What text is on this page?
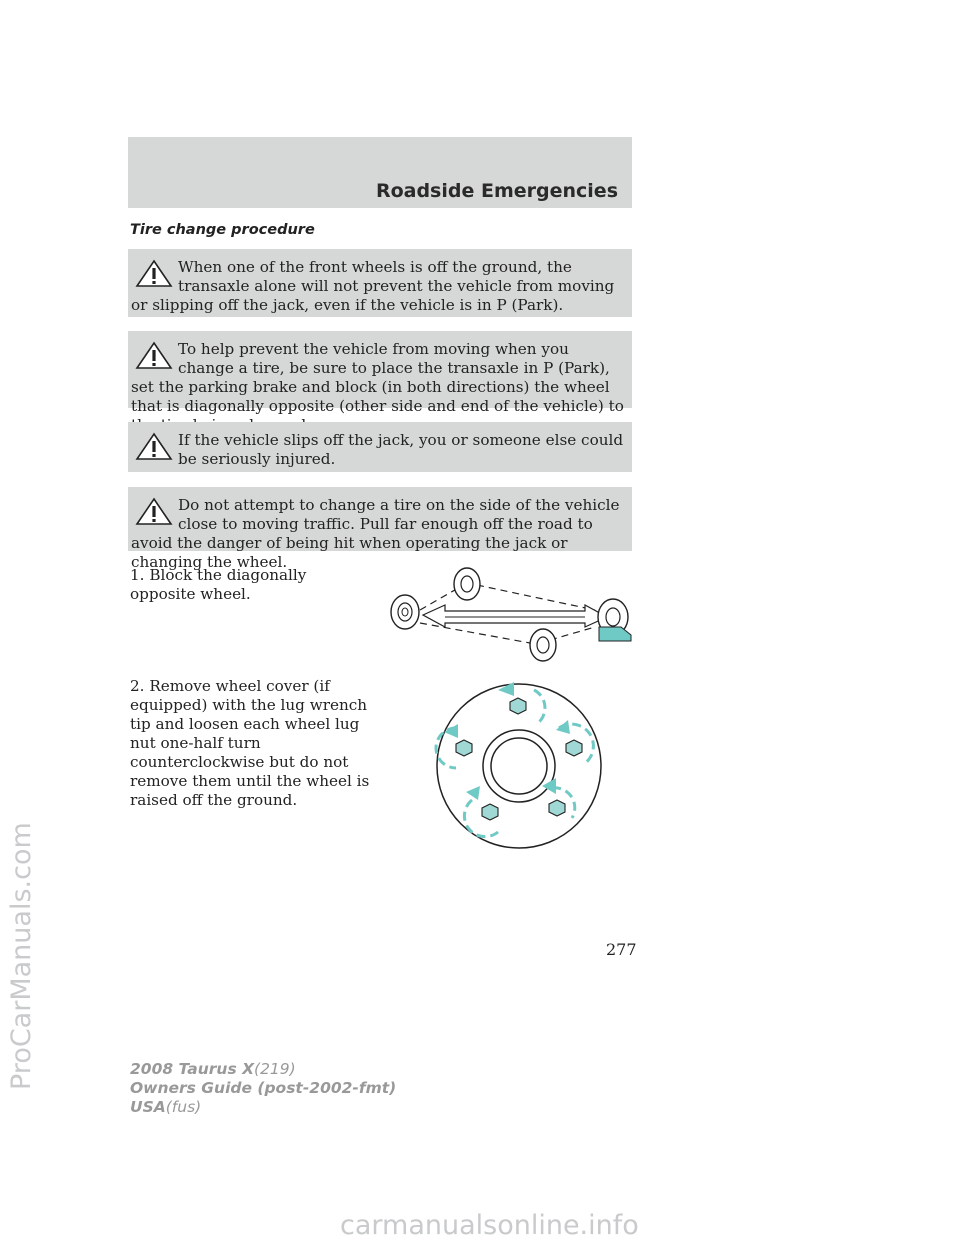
Roadside Emergencies
Tire change procedure
When one of the front wheels is off the ground, the transaxle alone will not prevent the vehicle from moving or slipping off the jack, even if the vehicle is in P (Park).
To help prevent the vehicle from moving when you change a tire, be sure to place the transaxle in P (Park), set the parking brake and block (in both directions) the wheel that is diagonally opposite (other side and end of the vehicle) to
If the vehicle slips off the jack, you or someone else could be seriously injured.
Do not attempt to change a tire on the side of the vehicle close to moving traffic. Pull far enough off the road to avoid the danger of being hit when operating the jack or changing the wheel.
1. Block the diagonally opposite wheel.
2. Remove wheel cover (if equipped) with the lug wrench tip and loosen each wheel lug nut one-half turn counterclockwise but do not remove them until the wheel is raised off the ground.
277
2008 Taurus X(219)
Owners Guide (post-2002-fmt)
USA(fus)
ProCarManuals.com
carmanualsonline.info
